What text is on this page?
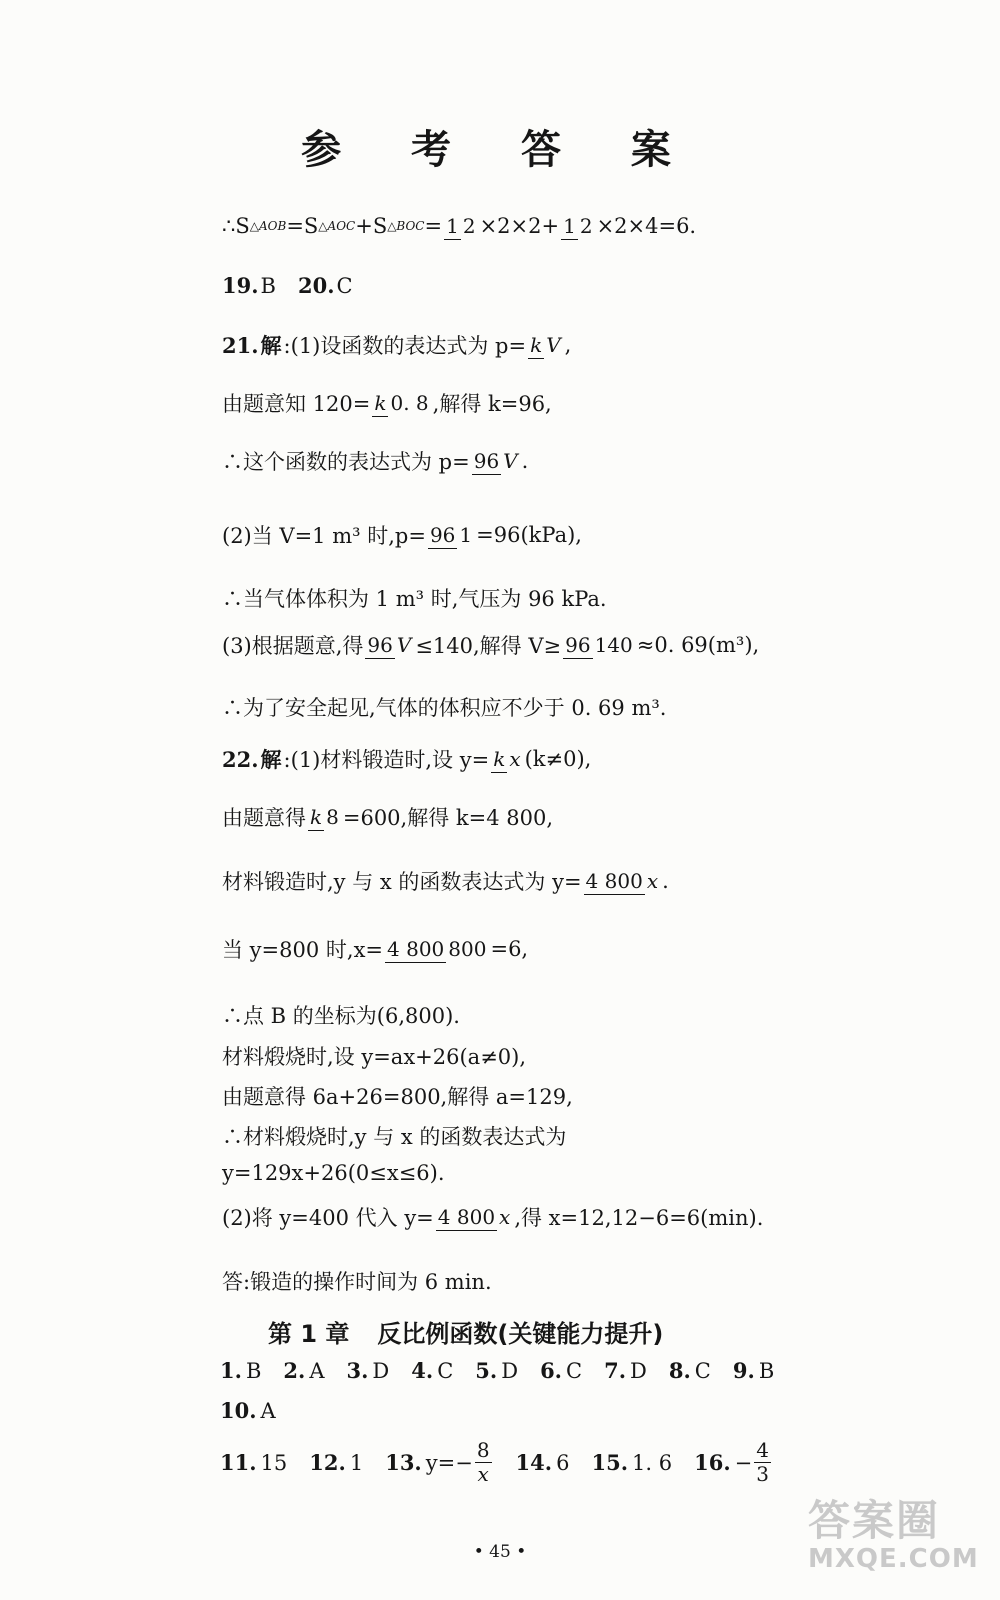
参 考 答 案
∴S △AOB =S △AOC +S △BOC = 1 2 ×2×2+ 1 2 ×2×4=6.
19. B 20. C
21. 解 :(1)设函数的表达式为 p= k V ,
由题意知 120= k 0. 8 ,解得 k=96,
∴这个函数的表达式为 p= 96 V .
(2)当 V=1 m³ 时,p= 96 1 =96(kPa),
∴当气体体积为 1 m³ 时,气压为 96 kPa.
(3)根据题意,得 96 V ≤140,解得 V≥ 96 140 ≈0. 69(m³),
∴为了安全起见,气体的体积应不少于 0. 69 m³.
22. 解 :(1)材料锻造时,设 y= k x (k≠0),
由题意得 k 8 =600,解得 k=4 800,
材料锻造时,y 与 x 的函数表达式为 y= 4 800 x .
当 y=800 时,x= 4 800 800 =6,
∴点 B 的坐标为(6,800).
材料煅烧时,设 y=ax+26(a≠0),
由题意得 6a+26=800,解得 a=129,
∴材料煅烧时,y 与 x 的函数表达式为
y=129x+26(0≤x≤6).
(2)将 y=400 代入 y= 4 800 x ,得 x=12,12−6=6(min).
答:锻造的操作时间为 6 min.
第 1 章 反比例函数(关键能力提升)
1. B 2. A 3. D 4. C 5. D 6. C 7. D 8. C 9. B
10. A
11. 15 12. 1 13. $y=- \frac{8}{x} 14$. 6 15. 1. 6 16. − $\frac{4}{3}$
• 45 •
答案圈
MXQE.COM
